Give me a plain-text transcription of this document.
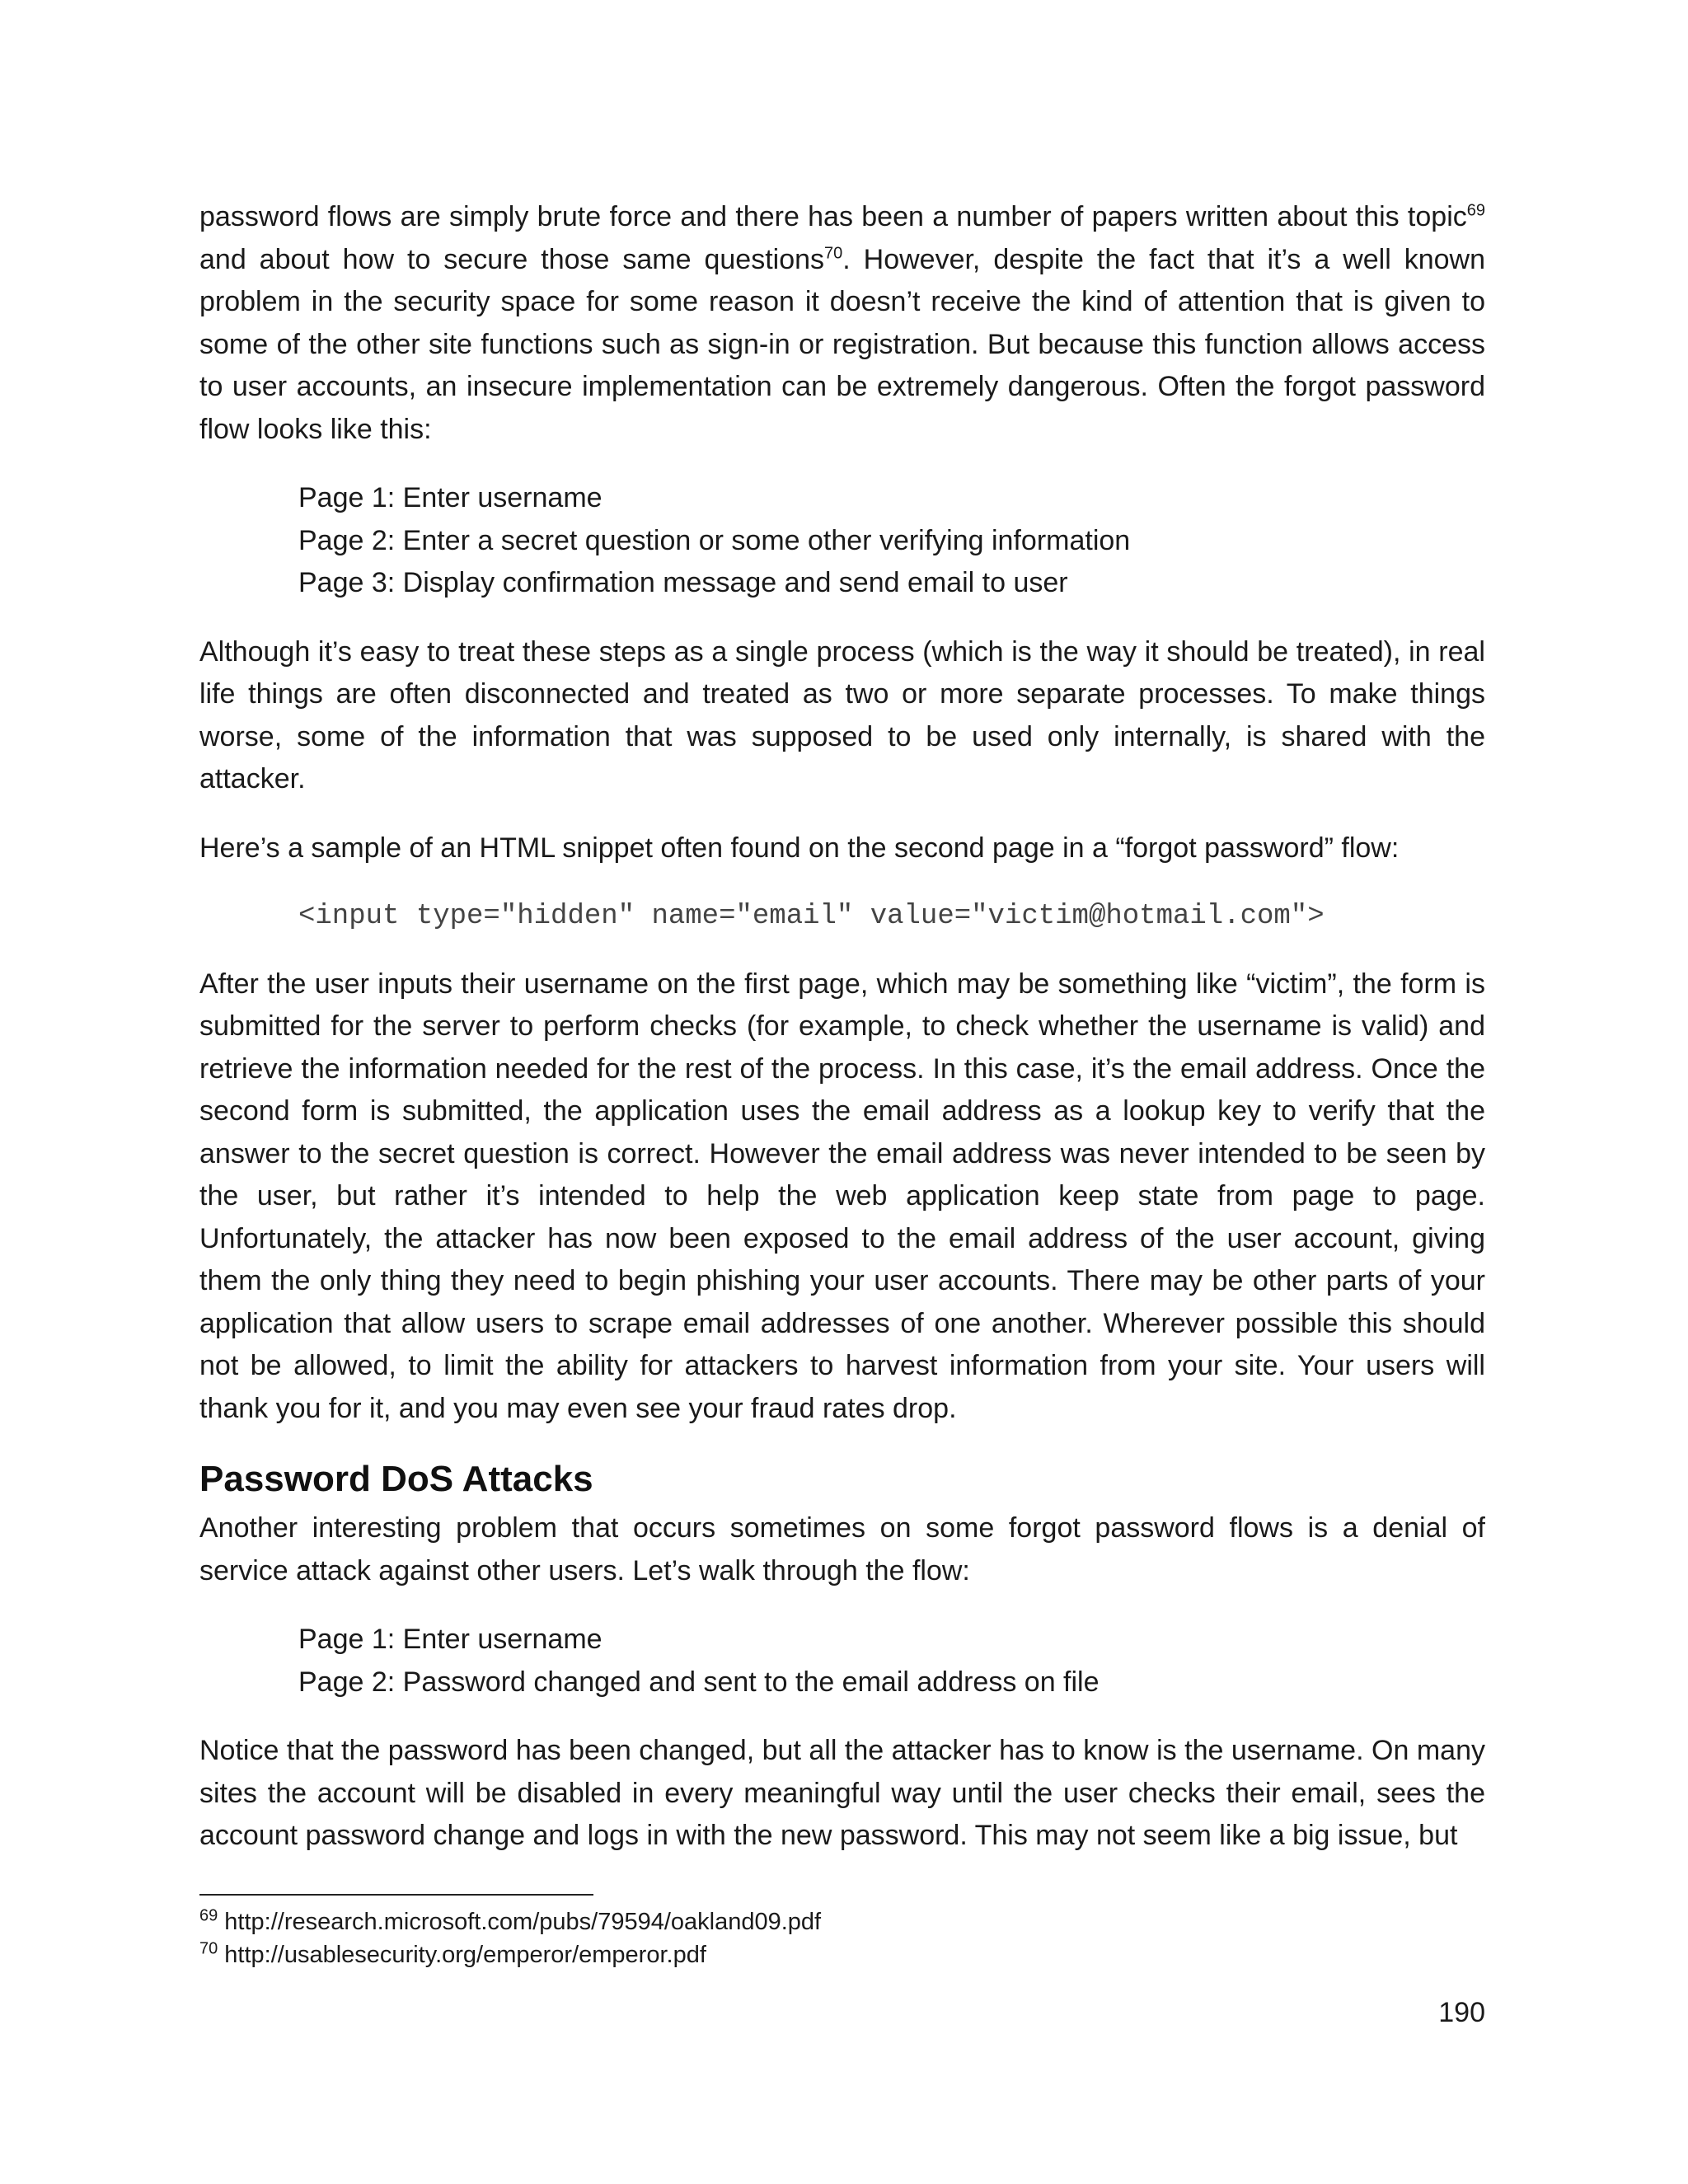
password flows are simply brute force and there has been a number of papers written about this topic$^{69}$ and about how to secure those same questions$^{70}$. However, despite the fact that it’s a well known problem in the security space for some reason it doesn’t receive the kind of attention that is given to some of the other site functions such as sign-in or registration. But because this function allows access to user accounts, an insecure implementation can be extremely dangerous. Often the forgot password flow looks like this:

Page 1: Enter username
Page 2: Enter a secret question or some other verifying information
Page 3: Display confirmation message and send email to user

Although it’s easy to treat these steps as a single process (which is the way it should be treated), in real life things are often disconnected and treated as two or more separate processes. To make things worse, some of the information that was supposed to be used only internally, is shared with the attacker.

Here’s a sample of an HTML snippet often found on the second page in a “forgot password” flow:

<input type="hidden" name="email" value="victim@hotmail.com">

After the user inputs their username on the first page, which may be something like “victim”, the form is submitted for the server to perform checks (for example, to check whether the username is valid) and retrieve the information needed for the rest of the process. In this case, it’s the email address. Once the second form is submitted, the application uses the email address as a lookup key to verify that the answer to the secret question is correct. However the email address was never intended to be seen by the user, but rather it’s intended to help the web application keep state from page to page. Unfortunately, the attacker has now been exposed to the email address of the user account, giving them the only thing they need to begin phishing your user accounts. There may be other parts of your application that allow users to scrape email addresses of one another. Wherever possible this should not be allowed, to limit the ability for attackers to harvest information from your site. Your users will thank you for it, and you may even see your fraud rates drop.

Password DoS Attacks

Another interesting problem that occurs sometimes on some forgot password flows is a denial of service attack against other users. Let’s walk through the flow:

Page 1: Enter username
Page 2: Password changed and sent to the email address on file

Notice that the password has been changed, but all the attacker has to know is the username. On many sites the account will be disabled in every meaningful way until the user checks their email, sees the account password change and logs in with the new password. This may not seem like a big issue, but

$^{69}$ http://research.microsoft.com/pubs/79594/oakland09.pdf

$^{70}$ http://usablesecurity.org/emperor/emperor.pdf

190
